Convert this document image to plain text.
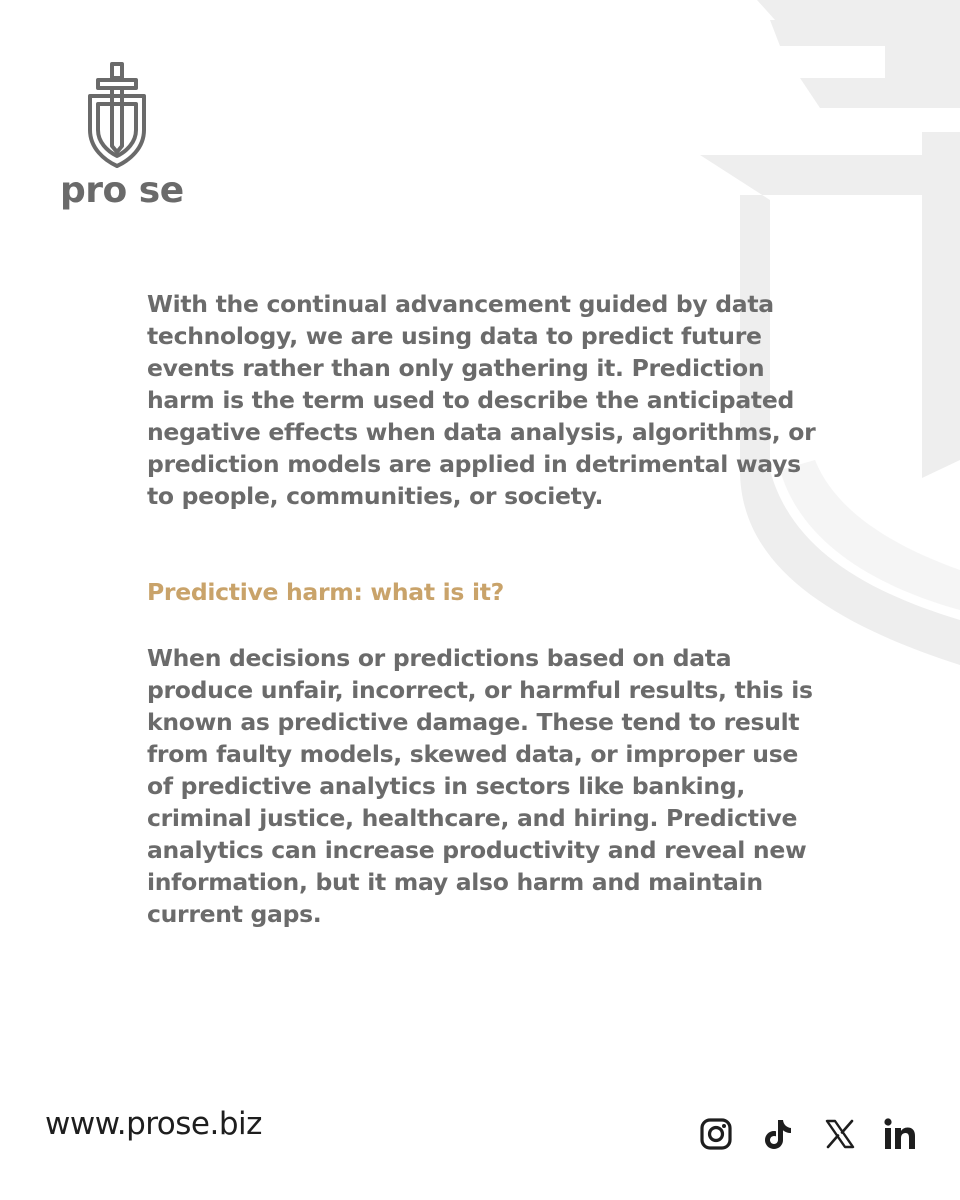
pro se

With the continual advancement guided by data technology, we are using data to predict future events rather than only gathering it. Prediction harm is the term used to describe the anticipated negative effects when data analysis, algorithms, or prediction models are applied in detrimental ways to people, communities, or society.

Predictive harm: what is it?

When decisions or predictions based on data produce unfair, incorrect, or harmful results, this is known as predictive damage. These tend to result from faulty models, skewed data, or improper use of predictive analytics in sectors like banking, criminal justice, healthcare, and hiring. Predictive analytics can increase productivity and reveal new information, but it may also harm and maintain current gaps.

www.prose.biz
